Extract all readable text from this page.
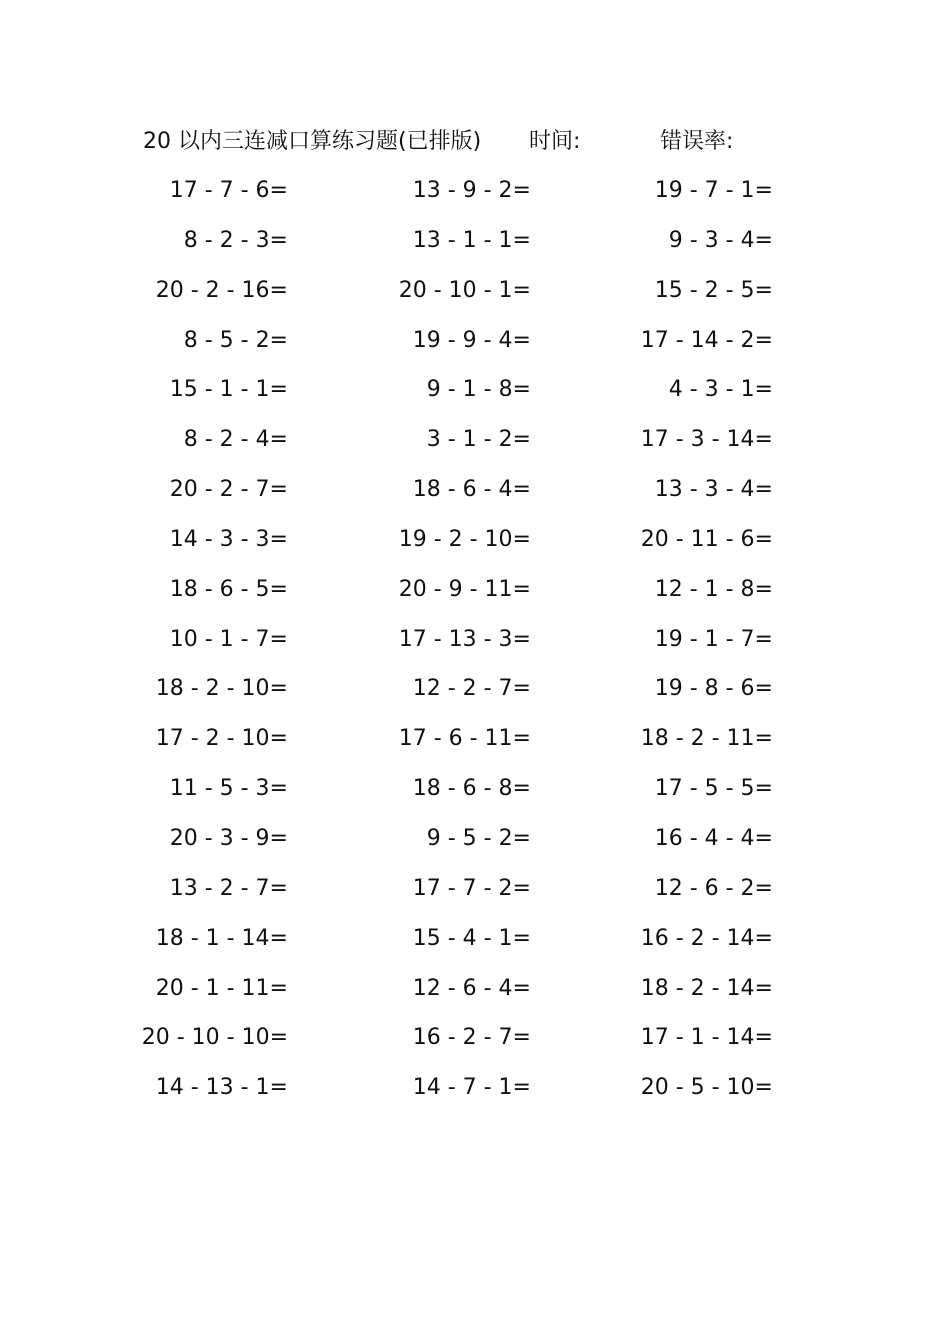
20 以内三连减口算练习题(已排版) 时间:	错误率:
17 - 7 - 6=	13 - 9 - 2=	19 - 7 - 1=
8 - 2 - 3=	13 - 1 - 1=	9 - 3 - 4=
20 - 2 - 16=	20 - 10 - 1=	15 - 2 - 5=
8 - 5 - 2=	19 - 9 - 4=	17 - 14 - 2=
15 - 1 - 1=	9 - 1 - 8=	4 - 3 - 1=
8 - 2 - 4=	3 - 1 - 2=	17 - 3 - 14=
20 - 2 - 7=	18 - 6 - 4=	13 - 3 - 4=
14 - 3 - 3=	19 - 2 - 10=	20 - 11 - 6=
18 - 6 - 5=	20 - 9 - 11=	12 - 1 - 8=
10 - 1 - 7=	17 - 13 - 3=	19 - 1 - 7=
18 - 2 - 10=	12 - 2 - 7=	19 - 8 - 6=
17 - 2 - 10=	17 - 6 - 11=	18 - 2 - 11=
11 - 5 - 3=	18 - 6 - 8=	17 - 5 - 5=
20 - 3 - 9=	9 - 5 - 2=	16 - 4 - 4=
13 - 2 - 7=	17 - 7 - 2=	12 - 6 - 2=
18 - 1 - 14=	15 - 4 - 1=	16 - 2 - 14=
20 - 1 - 11=	12 - 6 - 4=	18 - 2 - 14=
20 - 10 - 10=	16 - 2 - 7=	17 - 1 - 14=
14 - 13 - 1=	14 - 7 - 1=	20 - 5 - 10=
